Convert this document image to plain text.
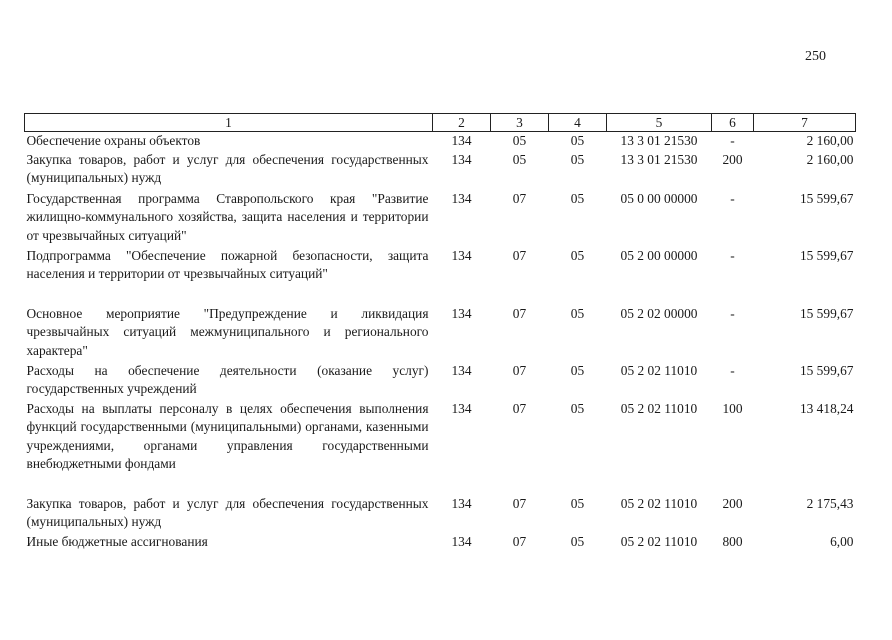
250
1	2	3	4	5	6	7
Обеспечение охраны объектов	134	05	05	13 3 01 21530	-	2 160,00
Закупка товаров, работ и услуг для обеспечения государственных (муниципальных) нужд	134	05	05	13 3 01 21530	200	2 160,00
Государственная программа Ставропольского края "Развитие жилищно-коммунального хозяйства, защита населения и территории от чрезвычайных ситуаций"	134	07	05	05 0 00 00000	-	15 599,67
Подпрограмма "Обеспечение пожарной безопасности, защита населения и территории от чрезвычайных ситуаций"	134	07	05	05 2 00 00000	-	15 599,67
Основное мероприятие "Предупреждение и ликвидация чрезвычайных ситуаций межмуниципального и регионального характера"	134	07	05	05 2 02 00000	-	15 599,67
Расходы на обеспечение деятельности (оказание услуг) государственных учреждений	134	07	05	05 2 02 11010	-	15 599,67
Расходы на выплаты персоналу в целях обеспечения выполнения функций государственными (муниципальными) органами, казенными учреждениями, органами управления государственными внебюджетными фондами	134	07	05	05 2 02 11010	100	13 418,24
Закупка товаров, работ и услуг для обеспечения государственных (муниципальных) нужд	134	07	05	05 2 02 11010	200	2 175,43
Иные бюджетные ассигнования	134	07	05	05 2 02 11010	800	6,00
